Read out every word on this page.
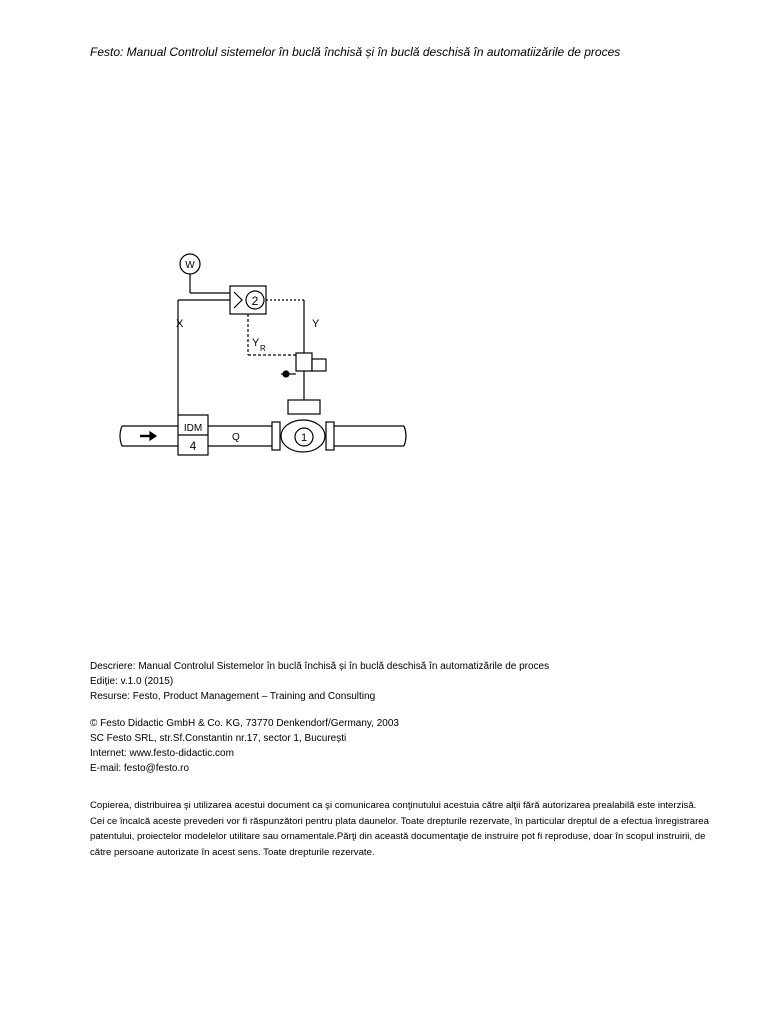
Festo: Manual Controlul sistemelor în buclă închisă și în buclă deschisă în automatiizările de proces
W
2
X	Y
Y R
IDM
4
Q	1
Descriere: Manual Controlul Sistemelor în buclă închisă și în buclă deschisă în automatizările de proces
Ediție: v.1.0 (2015)
Resurse: Festo, Product Management – Training and Consulting
© Festo Didactic GmbH & Co. KG, 73770 Denkendorf/Germany, 2003
SC Festo SRL, str.Sf.Constantin nr.17, sector 1, București
Internet: www.festo-didactic.com
E-mail: festo@festo.ro
Copierea, distribuirea şi utilizarea acestui document ca şi comunicarea conţinutului acestuia către alţii fără autorizarea prealabilă este interzisă. Cei ce încalcă aceste prevederi vor fi răspunzători pentru plata daunelor. Toate drepturile rezervate, în particular dreptul de a efectua înregistrarea patentului, proiectelor modelelor utilitare sau ornamentale.Părţi din această documentaţie de instruire pot fi reproduse, doar în scopul instruirii, de către persoane autorizate în acest sens. Toate drepturile rezervate.
